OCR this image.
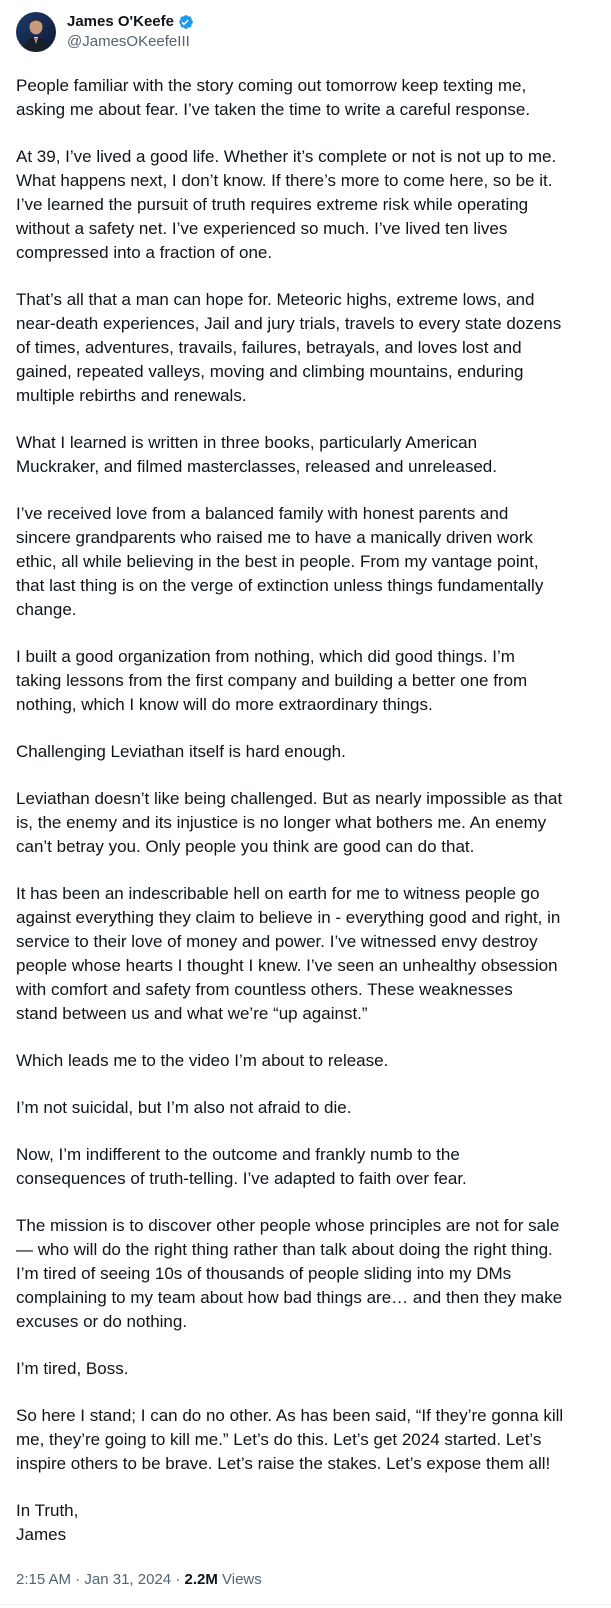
James O'Keefe
@JamesOKeefeIII

People familiar with the story coming out tomorrow keep texting me,
asking me about fear. I’ve taken the time to write a careful response.

At 39, I’ve lived a good life. Whether it’s complete or not is not up to me.
What happens next, I don’t know. If there’s more to come here, so be it.
I’ve learned the pursuit of truth requires extreme risk while operating
without a safety net. I’ve experienced so much. I’ve lived ten lives
compressed into a fraction of one.

That’s all that a man can hope for. Meteoric highs, extreme lows, and
near-death experiences, Jail and jury trials, travels to every state dozens
of times, adventures, travails, failures, betrayals, and loves lost and
gained, repeated valleys, moving and climbing mountains, enduring
multiple rebirths and renewals.

What I learned is written in three books, particularly American
Muckraker, and filmed masterclasses, released and unreleased.

I’ve received love from a balanced family with honest parents and
sincere grandparents who raised me to have a manically driven work
ethic, all while believing in the best in people. From my vantage point,
that last thing is on the verge of extinction unless things fundamentally
change.

I built a good organization from nothing, which did good things. I’m
taking lessons from the first company and building a better one from
nothing, which I know will do more extraordinary things.

Challenging Leviathan itself is hard enough.

Leviathan doesn’t like being challenged. But as nearly impossible as that
is, the enemy and its injustice is no longer what bothers me. An enemy
can’t betray you. Only people you think are good can do that.

It has been an indescribable hell on earth for me to witness people go
against everything they claim to believe in - everything good and right, in
service to their love of money and power. I’ve witnessed envy destroy
people whose hearts I thought I knew. I’ve seen an unhealthy obsession
with comfort and safety from countless others. These weaknesses
stand between us and what we’re “up against.”

Which leads me to the video I’m about to release.

I’m not suicidal, but I’m also not afraid to die.

Now, I’m indifferent to the outcome and frankly numb to the
consequences of truth-telling. I’ve adapted to faith over fear.

The mission is to discover other people whose principles are not for sale
— who will do the right thing rather than talk about doing the right thing.
I’m tired of seeing 10s of thousands of people sliding into my DMs
complaining to my team about how bad things are… and then they make
excuses or do nothing.

I’m tired, Boss.

So here I stand; I can do no other. As has been said, “If they’re gonna kill
me, they’re going to kill me.” Let’s do this. Let’s get 2024 started. Let’s
inspire others to be brave. Let’s raise the stakes. Let’s expose them all!

In Truth,
James

2:15 AM · Jan 31, 2024 · 2.2M Views
